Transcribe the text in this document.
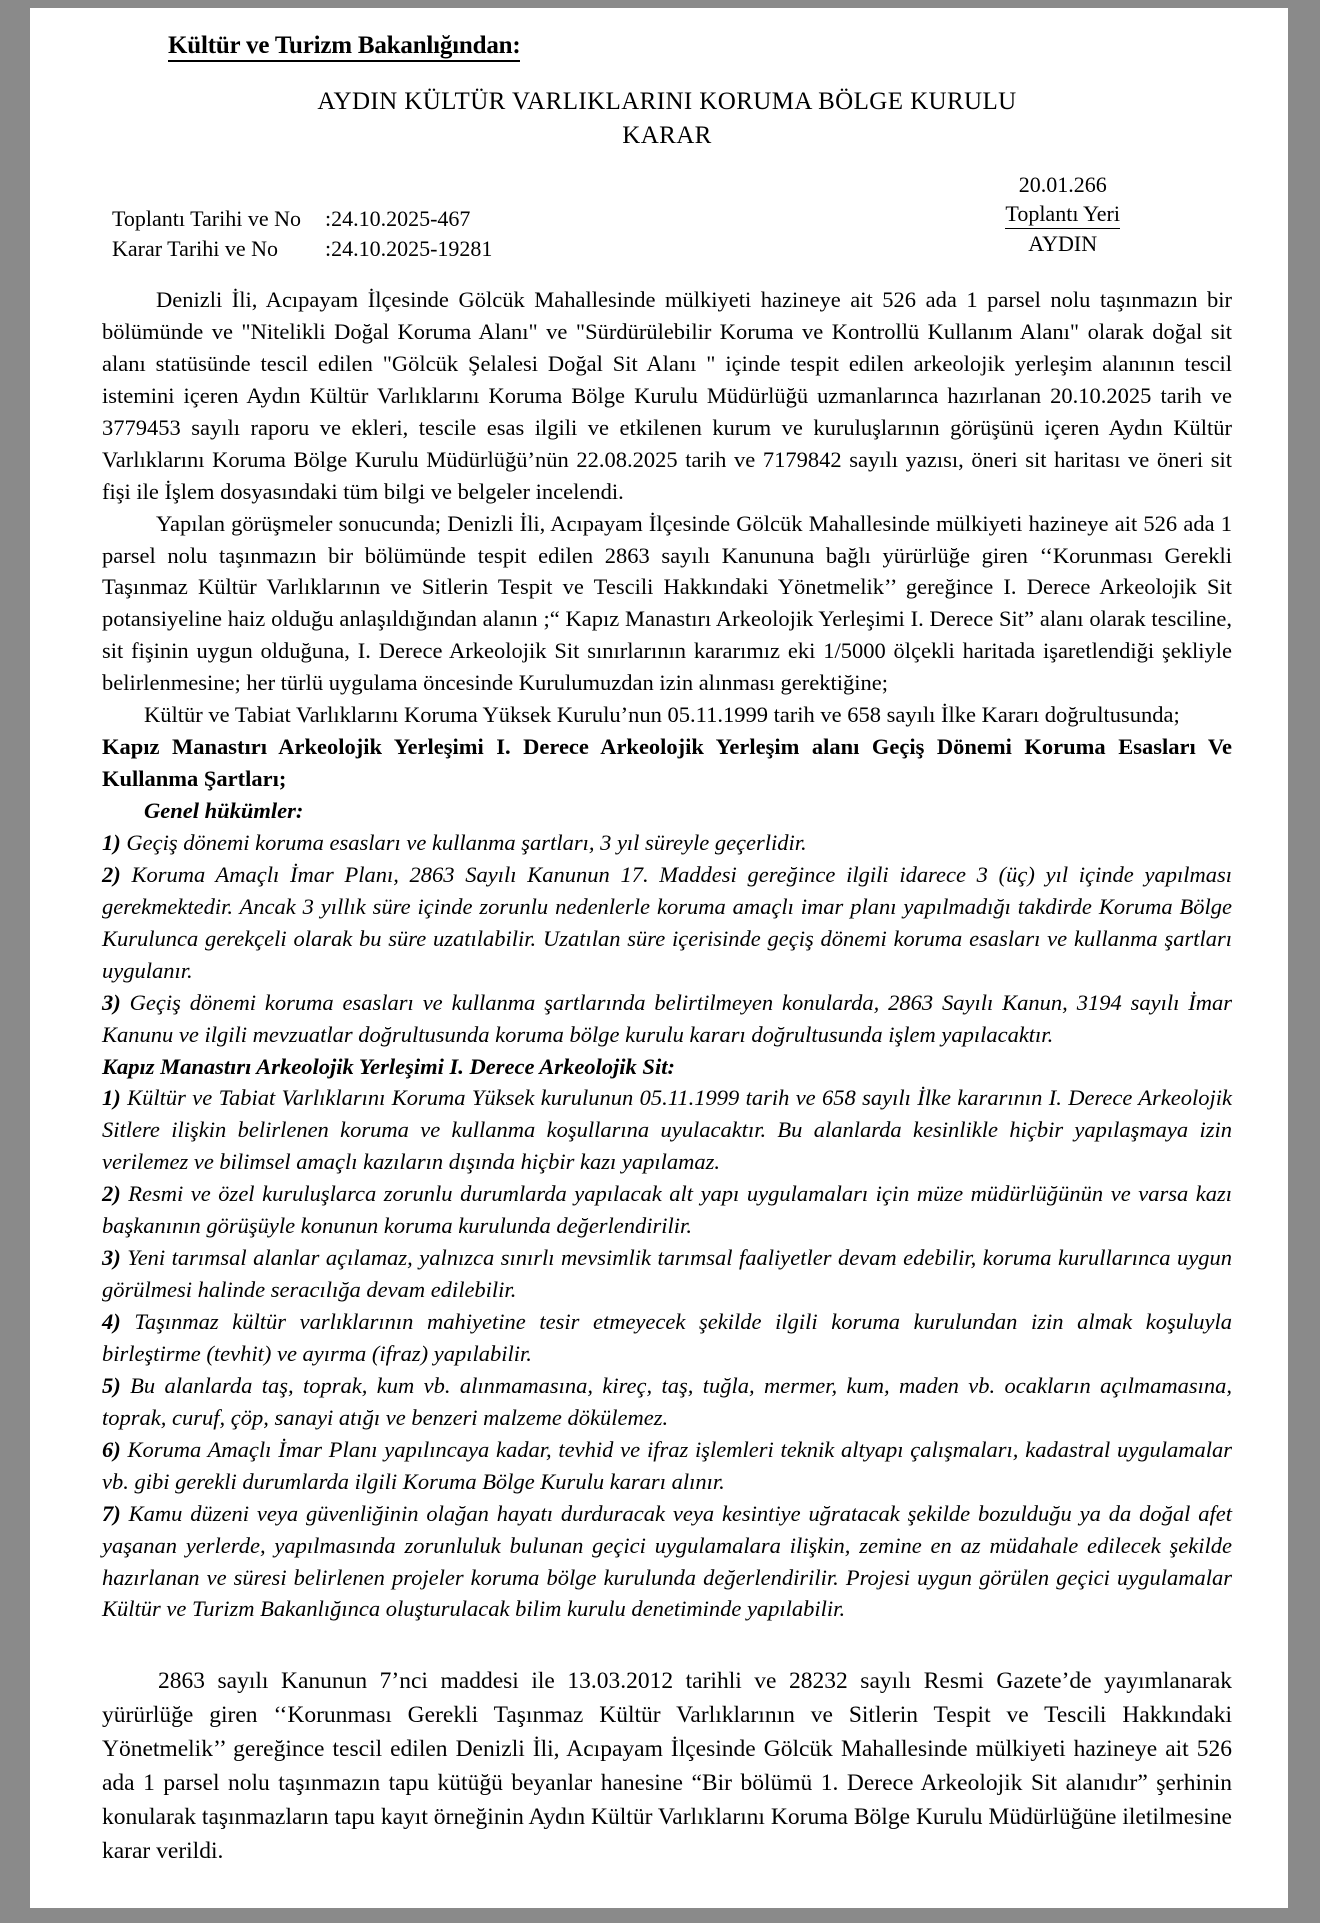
Kültür ve Turizm Bakanlığından:
AYDIN KÜLTÜR VARLIKLARINI KORUMA BÖLGE KURULU
KARAR
20.01.266
Toplantı Yeri
AYDIN
Toplantı Tarihi ve No	:24.10.2025-467
Karar Tarihi ve No	:24.10.2025-19281

Denizli İli, Acıpayam İlçesinde Gölcük Mahallesinde mülkiyeti hazineye ait 526 ada 1 parsel nolu taşınmazın bir bölümünde ve "Nitelikli Doğal Koruma Alanı" ve "Sürdürülebilir Koruma ve Kontrollü Kullanım Alanı" olarak doğal sit alanı statüsünde tescil edilen "Gölcük Şelalesi Doğal Sit Alanı " içinde tespit edilen arkeolojik yerleşim alanının tescil istemini içeren Aydın Kültür Varlıklarını Koruma Bölge Kurulu Müdürlüğü uzmanlarınca hazırlanan 20.10.2025 tarih ve 3779453 sayılı raporu ve ekleri, tescile esas ilgili ve etkilenen kurum ve kuruluşlarının görüşünü içeren Aydın Kültür Varlıklarını Koruma Bölge Kurulu Müdürlüğü’nün 22.08.2025 tarih ve 7179842 sayılı yazısı, öneri sit haritası ve öneri sit fişi ile İşlem dosyasındaki tüm bilgi ve belgeler incelendi.

Yapılan görüşmeler sonucunda; Denizli İli, Acıpayam İlçesinde Gölcük Mahallesinde mülkiyeti hazineye ait 526 ada 1 parsel nolu taşınmazın bir bölümünde tespit edilen 2863 sayılı Kanununa bağlı yürürlüğe giren ‘‘Korunması Gerekli Taşınmaz Kültür Varlıklarının ve Sitlerin Tespit ve Tescili Hakkındaki Yönetmelik’’ gereğince I. Derece Arkeolojik Sit potansiyeline haiz olduğu anlaşıldığından alanın ;“ Kapız Manastırı Arkeolojik Yerleşimi I. Derece Sit” alanı olarak tesciline, sit fişinin uygun olduğuna, I. Derece Arkeolojik Sit sınırlarının kararımız eki 1/5000 ölçekli haritada işaretlendiği şekliyle belirlenmesine; her türlü uygulama öncesinde Kurulumuzdan izin alınması gerektiğine;

Kültür ve Tabiat Varlıklarını Koruma Yüksek Kurulu’nun 05.11.1999 tarih ve 658 sayılı İlke Kararı doğrultusunda;

Kapız Manastırı Arkeolojik Yerleşimi I. Derece Arkeolojik Yerleşim alanı Geçiş Dönemi Koruma Esasları Ve Kullanma Şartları;

Genel hükümler:

1) Geçiş dönemi koruma esasları ve kullanma şartları, 3 yıl süreyle geçerlidir.

2) Koruma Amaçlı İmar Planı, 2863 Sayılı Kanunun 17. Maddesi gereğince ilgili idarece 3 (üç) yıl içinde yapılması gerekmektedir. Ancak 3 yıllık süre içinde zorunlu nedenlerle koruma amaçlı imar planı yapılmadığı takdirde Koruma Bölge Kurulunca gerekçeli olarak bu süre uzatılabilir. Uzatılan süre içerisinde geçiş dönemi koruma esasları ve kullanma şartları uygulanır.

3) Geçiş dönemi koruma esasları ve kullanma şartlarında belirtilmeyen konularda, 2863 Sayılı Kanun, 3194 sayılı İmar Kanunu ve ilgili mevzuatlar doğrultusunda koruma bölge kurulu kararı doğrultusunda işlem yapılacaktır.

Kapız Manastırı Arkeolojik Yerleşimi I. Derece Arkeolojik Sit:

1) Kültür ve Tabiat Varlıklarını Koruma Yüksek kurulunun 05.11.1999 tarih ve 658 sayılı İlke kararının I. Derece Arkeolojik Sitlere ilişkin belirlenen koruma ve kullanma koşullarına uyulacaktır. Bu alanlarda kesinlikle hiçbir yapılaşmaya izin verilemez ve bilimsel amaçlı kazıların dışında hiçbir kazı yapılamaz.

2) Resmi ve özel kuruluşlarca zorunlu durumlarda yapılacak alt yapı uygulamaları için müze müdürlüğünün ve varsa kazı başkanının görüşüyle konunun koruma kurulunda değerlendirilir.

3) Yeni tarımsal alanlar açılamaz, yalnızca sınırlı mevsimlik tarımsal faaliyetler devam edebilir, koruma kurullarınca uygun görülmesi halinde seracılığa devam edilebilir.

4) Taşınmaz kültür varlıklarının mahiyetine tesir etmeyecek şekilde ilgili koruma kurulundan izin almak koşuluyla birleştirme (tevhit) ve ayırma (ifraz) yapılabilir.

5) Bu alanlarda taş, toprak, kum vb. alınmamasına, kireç, taş, tuğla, mermer, kum, maden vb. ocakların açılmamasına, toprak, curuf, çöp, sanayi atığı ve benzeri malzeme dökülemez.

6) Koruma Amaçlı İmar Planı yapılıncaya kadar, tevhid ve ifraz işlemleri teknik altyapı çalışmaları, kadastral uygulamalar vb. gibi gerekli durumlarda ilgili Koruma Bölge Kurulu kararı alınır.

7) Kamu düzeni veya güvenliğinin olağan hayatı durduracak veya kesintiye uğratacak şekilde bozulduğu ya da doğal afet yaşanan yerlerde, yapılmasında zorunluluk bulunan geçici uygulamalara ilişkin, zemine en az müdahale edilecek şekilde hazırlanan ve süresi belirlenen projeler koruma bölge kurulunda değerlendirilir. Projesi uygun görülen geçici uygulamalar Kültür ve Turizm Bakanlığınca oluşturulacak bilim kurulu denetiminde yapılabilir.

2863 sayılı Kanunun 7’nci maddesi ile 13.03.2012 tarihli ve 28232 sayılı Resmi Gazete’de yayımlanarak yürürlüğe giren ‘‘Korunması Gerekli Taşınmaz Kültür Varlıklarının ve Sitlerin Tespit ve Tescili Hakkındaki Yönetmelik’’ gereğince tescil edilen Denizli İli, Acıpayam İlçesinde Gölcük Mahallesinde mülkiyeti hazineye ait 526 ada 1 parsel nolu taşınmazın tapu kütüğü beyanlar hanesine “Bir bölümü 1. Derece Arkeolojik Sit alanıdır” şerhinin konularak taşınmazların tapu kayıt örneğinin Aydın Kültür Varlıklarını Koruma Bölge Kurulu Müdürlüğüne iletilmesine karar verildi.
